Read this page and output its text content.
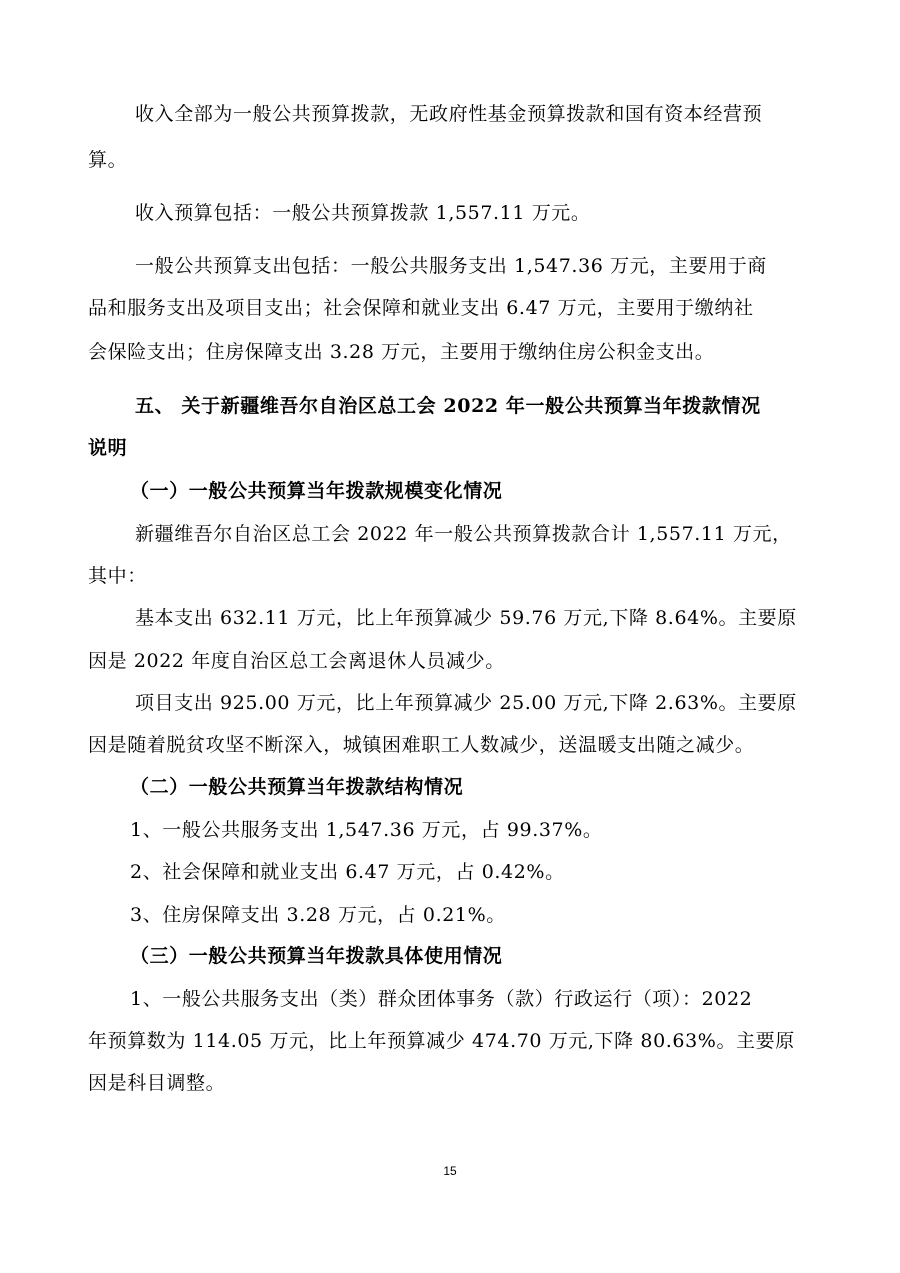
收入全部为一般公共预算拨款，无政府性基金预算拨款和国有资本经营预
算。
收入预算包括：一般公共预算拨款 1,557.11 万元。
一般公共预算支出包括：一般公共服务支出 1,547.36 万元，主要用于商
品和服务支出及项目支出；社会保障和就业支出 6.47 万元，主要用于缴纳社
会保险支出；住房保障支出 3.28 万元，主要用于缴纳住房公积金支出。
五、 关于新疆维吾尔自治区总工会 2022 年一般公共预算当年拨款情况
说明
（一）一般公共预算当年拨款规模变化情况
新疆维吾尔自治区总工会 2022 年一般公共预算拨款合计 1,557.11 万元，
其中：
基本支出 632.11 万元，比上年预算减少 59.76 万元,下降 8.64%。主要原
因是 2022 年度自治区总工会离退休人员减少。
项目支出 925.00 万元，比上年预算减少 25.00 万元,下降 2.63%。主要原
因是随着脱贫攻坚不断深入，城镇困难职工人数减少，送温暖支出随之减少。
（二）一般公共预算当年拨款结构情况
1、一般公共服务支出 1,547.36 万元，占 99.37%。
2、社会保障和就业支出 6.47 万元，占 0.42%。
3、住房保障支出 3.28 万元，占 0.21%。
（三）一般公共预算当年拨款具体使用情况
1、一般公共服务支出（类）群众团体事务（款）行政运行（项）：2022
年预算数为 114.05 万元，比上年预算减少 474.70 万元,下降 80.63%。主要原
因是科目调整。
15
